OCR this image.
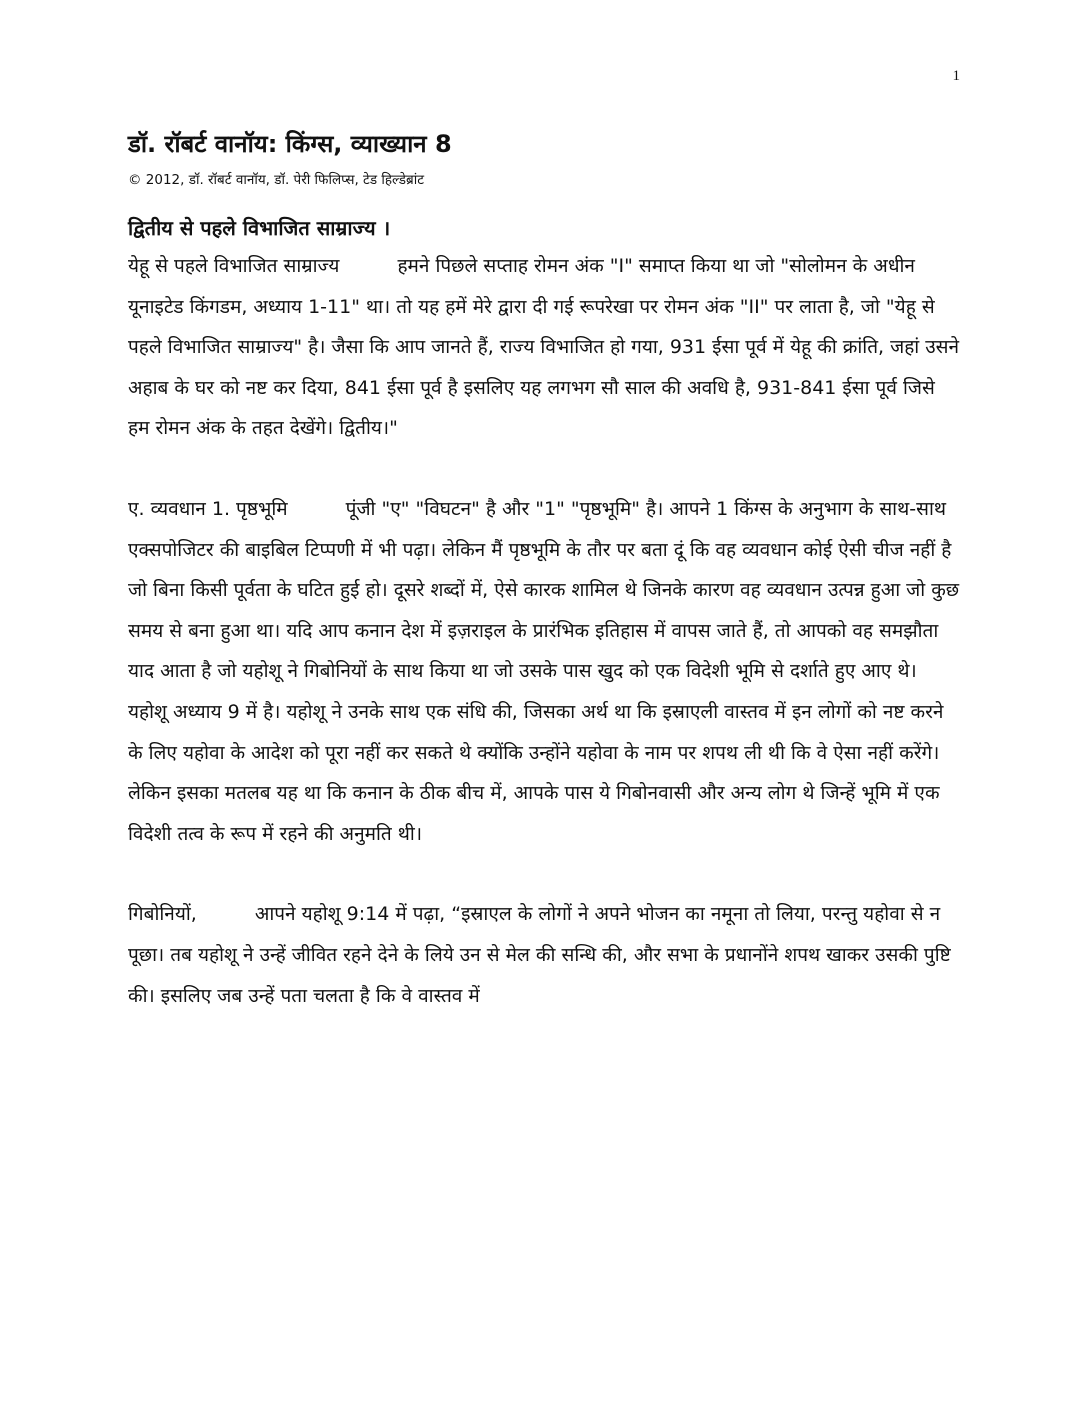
1
डॉ. रॉबर्ट वानॉय: किंग्स, व्याख्यान 8

© 2012, डॉ. रॉबर्ट वानॉय, डॉ. पेरी फिलिप्स, टेड हिल्डेब्रांट

द्वितीय से पहले विभाजित साम्राज्य ।

येहू से पहले विभाजित साम्राज्य	हमने पिछले सप्ताह रोमन अंक "I" समाप्त किया था जो "सोलोमन के अधीन यूनाइटेड किंगडम, अध्याय 1-11" था। तो यह हमें मेरे द्वारा दी गई रूपरेखा पर रोमन अंक "II" पर लाता है, जो "येहू से पहले विभाजित साम्राज्य" है। जैसा कि आप जानते हैं, राज्य विभाजित हो गया, 931 ईसा पूर्व में येहू की क्रांति, जहां उसने अहाब के घर को नष्ट कर दिया, 841 ईसा पूर्व है इसलिए यह लगभग सौ साल की अवधि है, 931-841 ईसा पूर्व जिसे हम रोमन अंक के तहत देखेंगे। द्वितीय।"

ए. व्यवधान 1. पृष्ठभूमि	पूंजी "ए" "विघटन" है और "1" "पृष्ठभूमि" है। आपने 1 किंग्स के अनुभाग के साथ-साथ एक्सपोजिटर की बाइबिल टिप्पणी में भी पढ़ा। लेकिन मैं पृष्ठभूमि के तौर पर बता दूं कि वह व्यवधान कोई ऐसी चीज नहीं है जो बिना किसी पूर्वता के घटित हुई हो। दूसरे शब्दों में, ऐसे कारक शामिल थे जिनके कारण वह व्यवधान उत्पन्न हुआ जो कुछ समय से बना हुआ था। यदि आप कनान देश में इज़राइल के प्रारंभिक इतिहास में वापस जाते हैं, तो आपको वह समझौता याद आता है जो यहोशू ने गिबोनियों के साथ किया था जो उसके पास खुद को एक विदेशी भूमि से दर्शाते हुए आए थे। यहोशू अध्याय 9 में है। यहोशू ने उनके साथ एक संधि की, जिसका अर्थ था कि इस्राएली वास्तव में इन लोगों को नष्ट करने के लिए यहोवा के आदेश को पूरा नहीं कर सकते थे क्योंकि उन्होंने यहोवा के नाम पर शपथ ली थी कि वे ऐसा नहीं करेंगे। लेकिन इसका मतलब यह था कि कनान के ठीक बीच में, आपके पास ये गिबोनवासी और अन्य लोग थे जिन्हें भूमि में एक विदेशी तत्व के रूप में रहने की अनुमति थी।

गिबोनियों,	आपने यहोशू 9:14 में पढ़ा, “इस्राएल के लोगों ने अपने भोजन का नमूना तो लिया, परन्तु यहोवा से न पूछा। तब यहोशू ने उन्हें जीवित रहने देने के लिये उन से मेल की सन्धि की, और सभा के प्रधानोंने शपथ खाकर उसकी पुष्टि की। इसलिए जब उन्हें पता चलता है कि वे वास्तव में
